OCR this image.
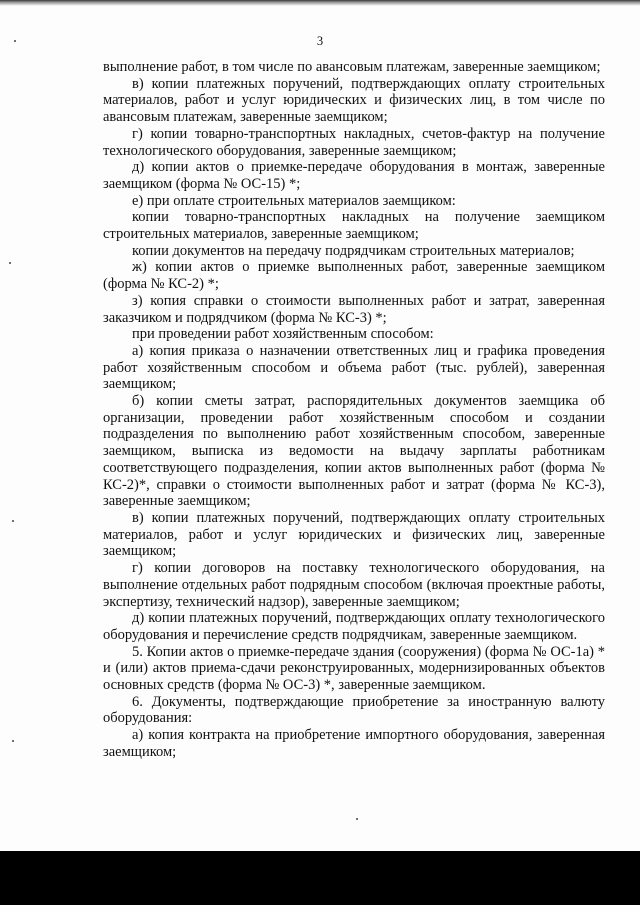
3

выполнение работ, в том числе по авансовым платежам, заверенные заемщиком;

в) копии платежных поручений, подтверждающих оплату строительных материалов, работ и услуг юридических и физических лиц, в том числе по авансовым платежам, заверенные заемщиком;

г) копии товарно-транспортных накладных, счетов-фактур на получение технологического оборудования, заверенные заемщиком;

д) копии актов о приемке-передаче оборудования в монтаж, заверенные заемщиком (форма № ОС-15) *;

е) при оплате строительных материалов заемщиком:

копии товарно-транспортных накладных на получение заемщиком строительных материалов, заверенные заемщиком;

копии документов на передачу подрядчикам строительных материалов;

ж) копии актов о приемке выполненных работ, заверенные заемщиком (форма № КС-2) *;

з) копия справки о стоимости выполненных работ и затрат, заверенная заказчиком и подрядчиком (форма № КС-3) *;

при проведении работ хозяйственным способом:

а) копия приказа о назначении ответственных лиц и графика проведения работ хозяйственным способом и объема работ (тыс. рублей), заверенная заемщиком;

б) копии сметы затрат, распорядительных документов заемщика об организации, проведении работ хозяйственным способом и создании подразделения по выполнению работ хозяйственным способом, заверенные заемщиком, выписка из ведомости на выдачу зарплаты работникам соответствующего подразделения, копии актов выполненных работ (форма № КС-2)*, справки о стоимости выполненных работ и затрат (форма № КС-3), заверенные заемщиком;

в) копии платежных поручений, подтверждающих оплату строительных материалов, работ и услуг юридических и физических лиц, заверенные заемщиком;

г) копии договоров на поставку технологического оборудования, на выполнение отдельных работ подрядным способом (включая проектные работы, экспертизу, технический надзор), заверенные заемщиком;

д) копии платежных поручений, подтверждающих оплату технологического оборудования и перечисление средств подрядчикам, заверенные заемщиком.

5. Копии актов о приемке-передаче здания (сооружения) (форма № ОС-1а) * и (или) актов приема-сдачи реконструированных, модернизированных объектов основных средств (форма № ОС-3) *, заверенные заемщиком.

6. Документы, подтверждающие приобретение за иностранную валюту оборудования:

а) копия контракта на приобретение импортного оборудования, заверенная заемщиком;
